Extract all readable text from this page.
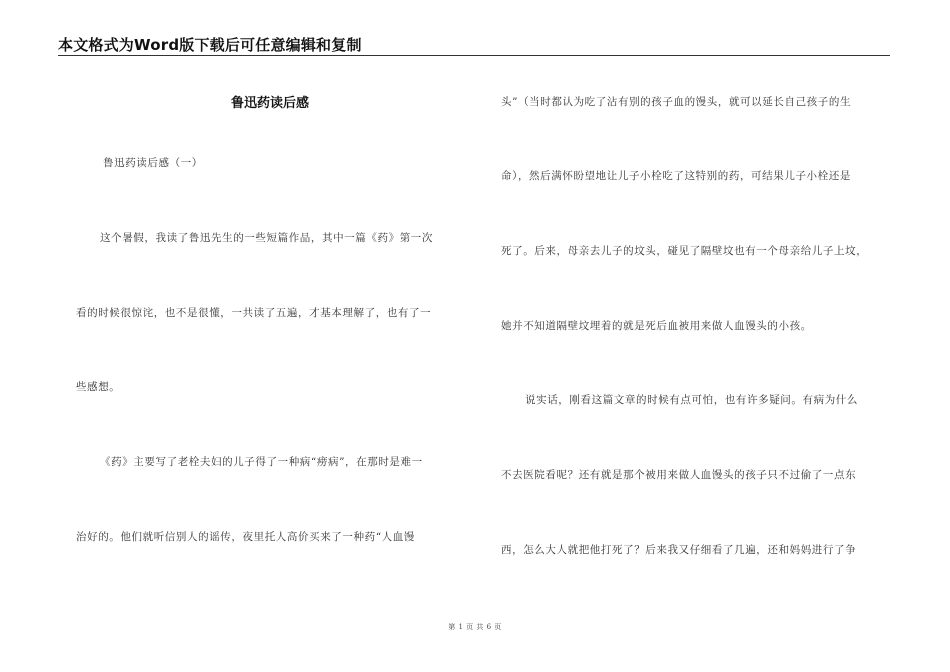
本文格式为Word版下载后可任意编辑和复制
鲁迅药读后感
鲁迅药读后感（一）
这个暑假，我读了鲁迅先生的一些短篇作品，其中一篇《药》第一次
看的时候很惊诧，也不是很懂，一共读了五遍，才基本理解了，也有了一
些感想。
《药》主要写了老栓夫妇的儿子得了一种病“痨病”，在那时是难一
治好的。他们就听信别人的谣传，夜里托人高价买来了一种药“人血馒
头”（当时都认为吃了沾有别的孩子血的馒头，就可以延长自己孩子的生
命），然后满怀盼望地让儿子小栓吃了这特别的药，可结果儿子小栓还是
死了。后来，母亲去儿子的坟头，碰见了隔壁坟也有一个母亲给儿子上坟，
她并不知道隔壁坟埋着的就是死后血被用来做人血馒头的小孩。
说实话，刚看这篇文章的时候有点可怕，也有许多疑问。有病为什么
不去医院看呢？还有就是那个被用来做人血馒头的孩子只不过偷了一点东
西，怎么大人就把他打死了？后来我又仔细看了几遍，还和妈妈进行了争
第 1 页 共 6 页
